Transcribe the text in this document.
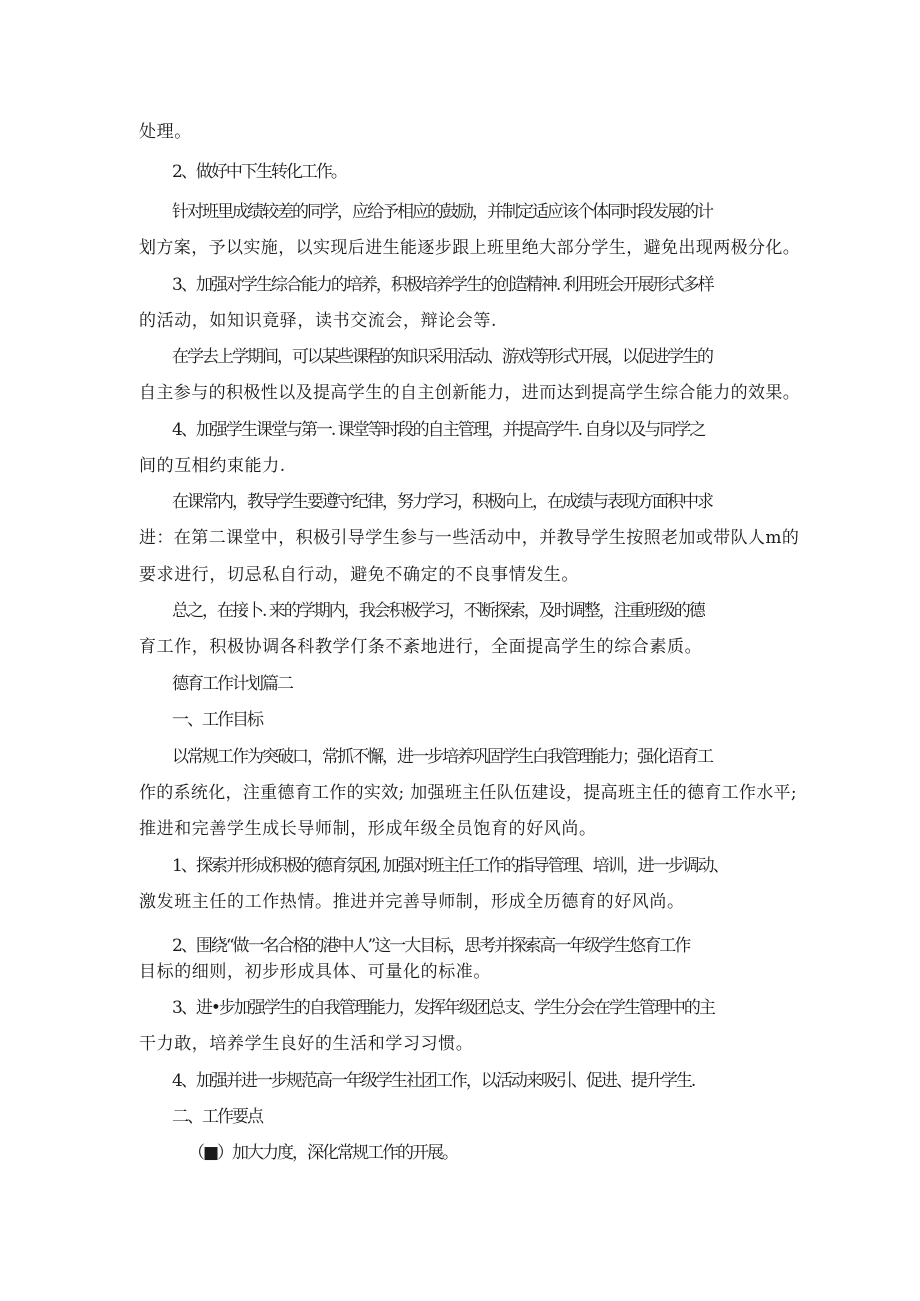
处理。
2、做好中下生转化工作。
针对班里成绩较差的同学，应给予相应的鼓励，并制定适应该个体同时段发展的计
划方案，予以实施，以实现后进生能逐步跟上班里绝大部分学生，避免出现两极分化。
3、加强对学生综合能力的培养，积极培养学生的创造精神. 利用班会开展形式多样
的活动，如知识竟驿，读书交流会，辩论会等.
在学去上学期间，可以某些课程的知识采用活动、游戏等形式开展，以促进学生的
自主参与的积极性以及提高学生的自主创新能力，进而达到提高学生综合能力的效果。
4、加强学生课堂与第一. 课堂等时段的自主管理，并提高学牛. 自身以及与同学之
间的互相约束能力.
在课常内，教导学生要遵守纪律，努力学习，积极向上，在成绩与表现方面积中求
进：在第二课堂中，积极引导学生参与一些活动中，并教导学生按照老加或带队人m的
要求进行，切忌私自行动，避免不确定的不良事情发生。
总之，在接卜. 来的学期内，我会积极学习，不断探索，及时调整，注重班级的德
育工作，积极协调各科教学仃条不紊地进行，全面提高学生的综合素质。
德育工作计划篇二
一、工作目标
以常规工作为突破口，常抓不懈，进一步培养巩固学生白我管理能力；强化语育工
作的系统化，注重德育工作的实效; 加强班主任队伍建设，提高班主任的德育工作水平;
推进和完善学生成长导师制，形成年级全员饱育的好风尚。
1、探索并形成积极的德育氛困, 加强对班主任工作的指导管理、培训，进一步调动、
激发班主任的工作热情。推进并完善导师制，形成全历德育的好风尚。
2、围绕“做一名合格的港中人”这一大目标，思考并探索高一年级学生悠育工作
目标的细则，初步形成具体、可量化的标准。
3、进•步加强学生的自我管理能力，发挥年级团总支、学生分会在学生管理中的主
干力敢，培养学生良好的生活和学习习惯。
4、加强并进一步规范高一年级学生社团工作，以活动来吸引、促进、提升学生.
二、工作要点
（■）加大力度，深化常规工作的开展。
